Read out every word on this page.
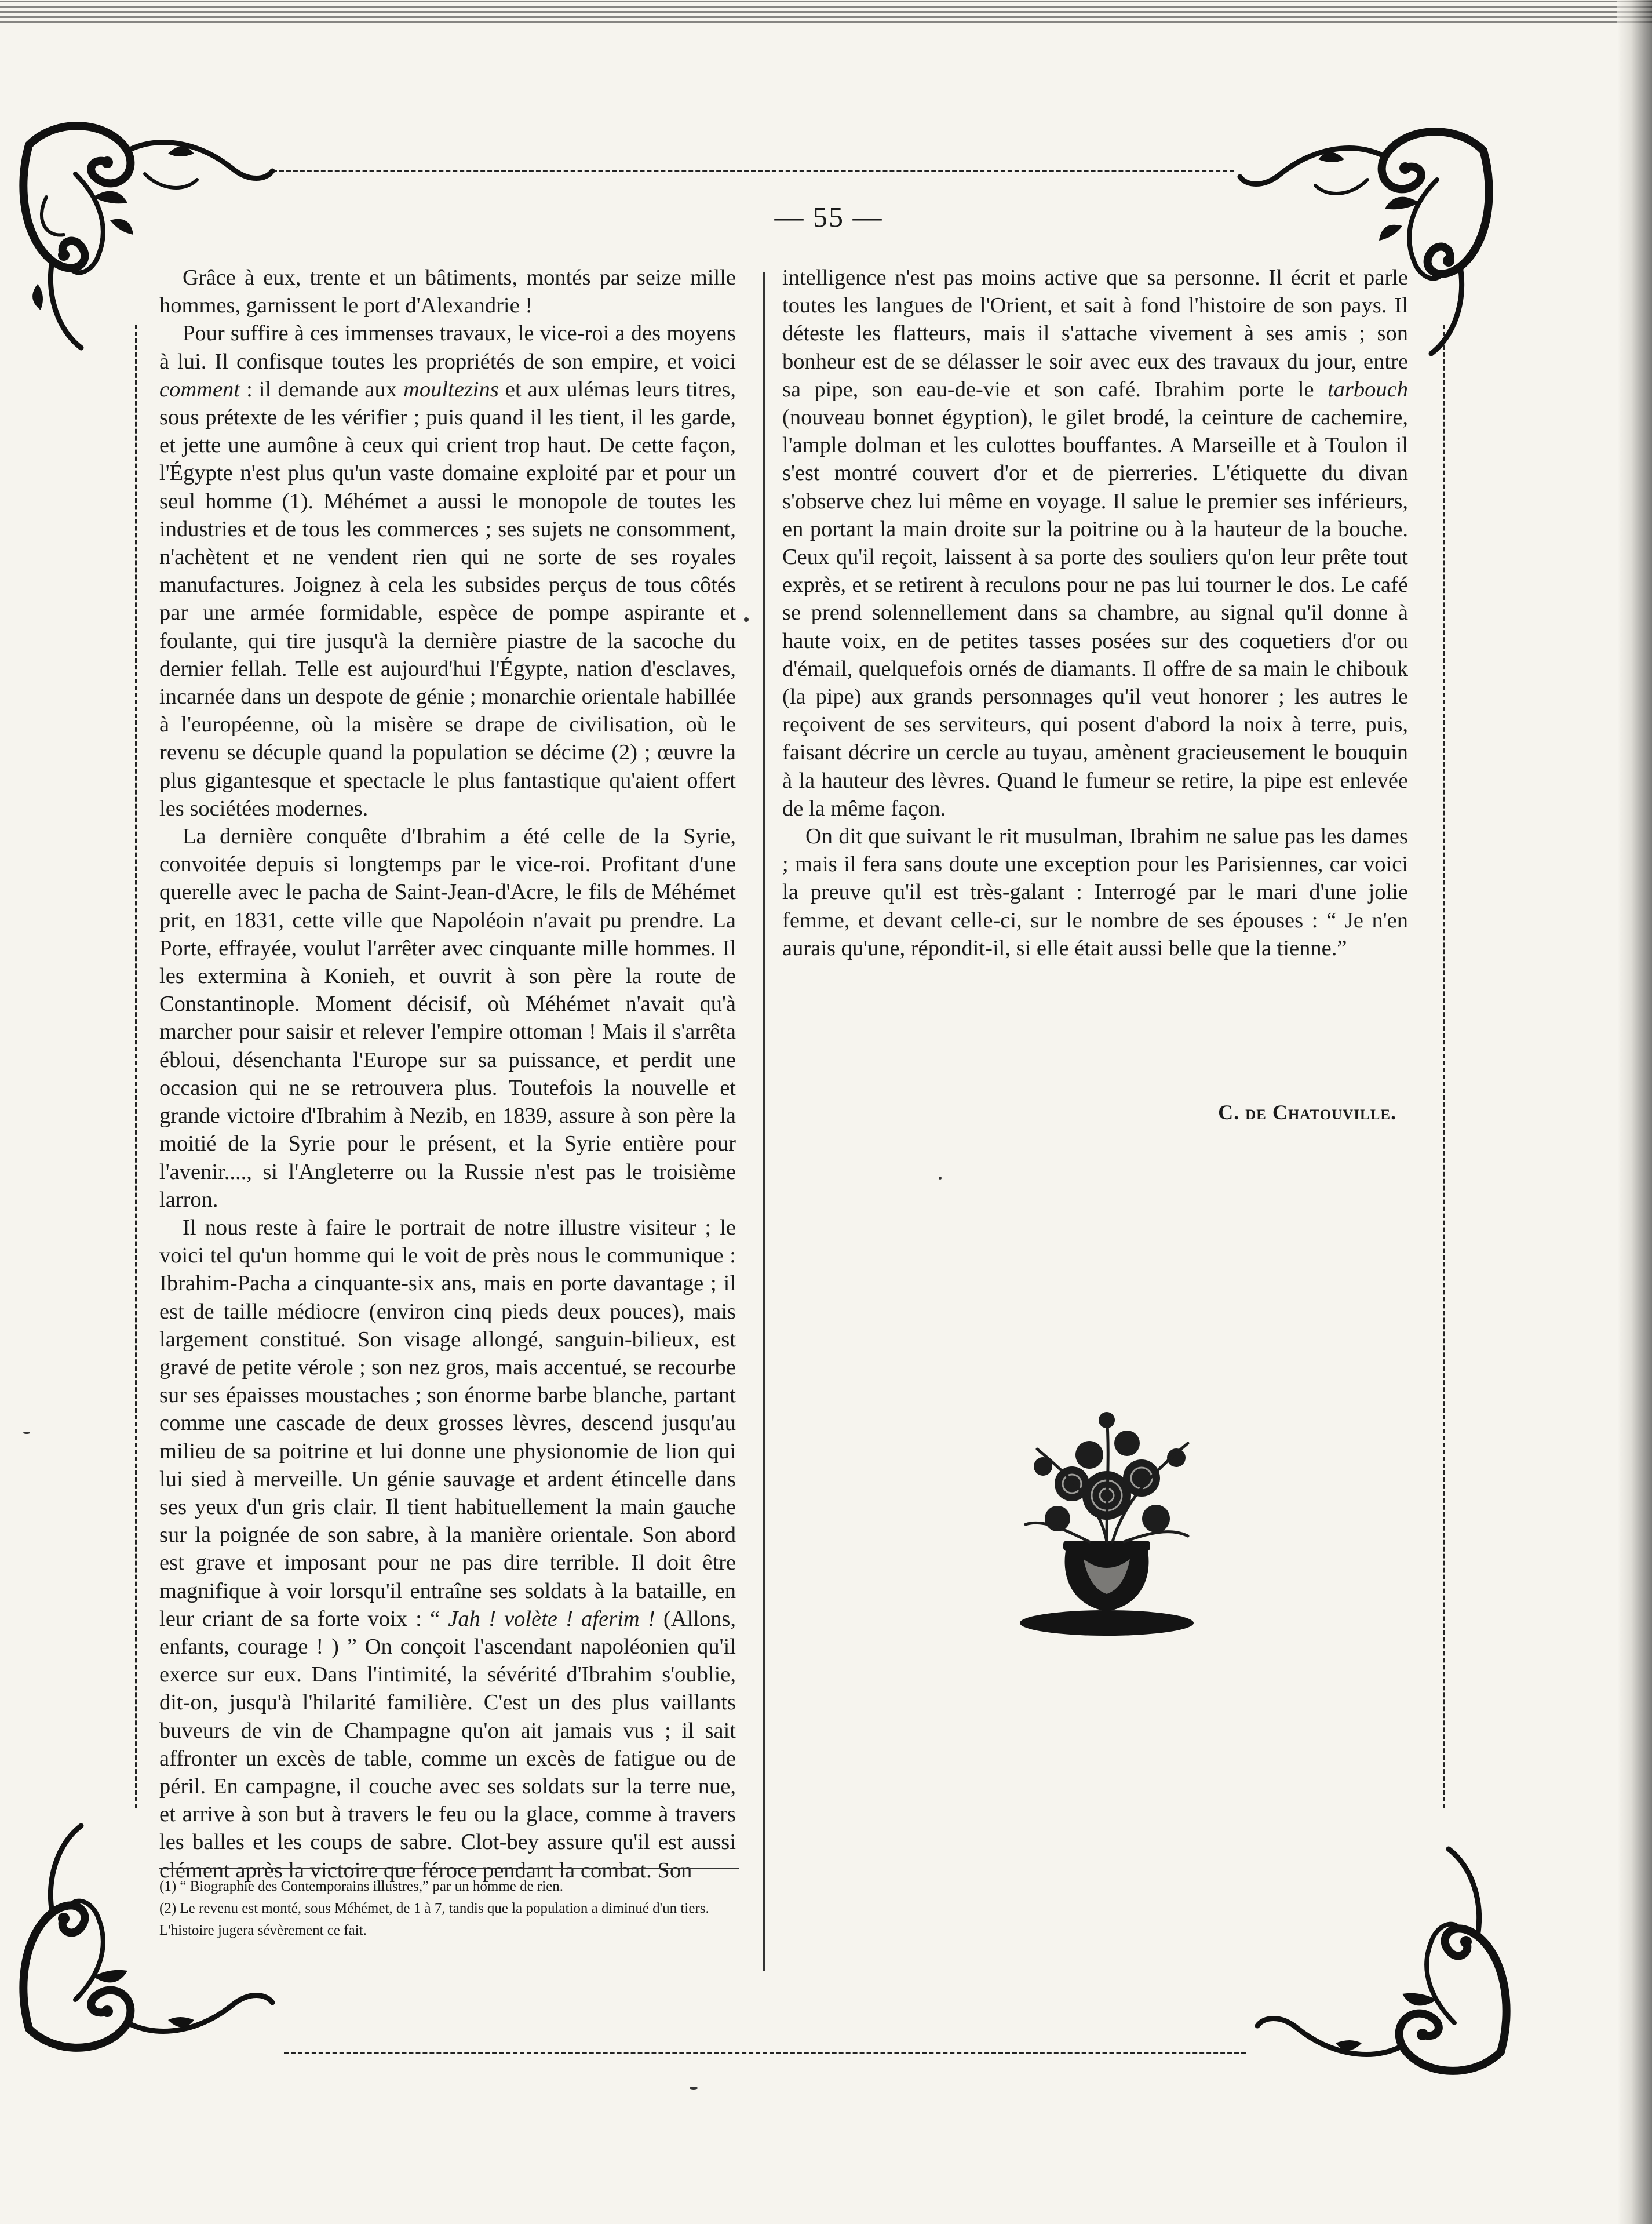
— 55 —

Grâce à eux, trente et un bâtiments, montés par seize mille hommes, garnissent le port d'Alexandrie !

Pour suffire à ces immenses travaux, le vice-roi a des moyens à lui. Il confisque toutes les propriétés de son empire, et voici comment : il demande aux moultezins et aux ulémas leurs titres, sous prétexte de les vérifier ; puis quand il les tient, il les garde, et jette une aumône à ceux qui crient trop haut. De cette façon, l'Égypte n'est plus qu'un vaste domaine exploité par et pour un seul homme (1). Méhémet a aussi le monopole de toutes les industries et de tous les commerces ; ses sujets ne consomment, n'achètent et ne vendent rien qui ne sorte de ses royales manufactures. Joignez à cela les subsides perçus de tous côtés par une armée formidable, espèce de pompe aspirante et foulante, qui tire jusqu'à la dernière piastre de la sacoche du dernier fellah. Telle est aujourd'hui l'Égypte, nation d'esclaves, incarnée dans un despote de génie ; monarchie orientale habillée à l'européenne, où la misère se drape de civilisation, où le revenu se décuple quand la population se décime (2) ; œuvre la plus gigantesque et spectacle le plus fantastique qu'aient offert les sociétées modernes.

La dernière conquête d'Ibrahim a été celle de la Syrie, convoitée depuis si longtemps par le vice-roi. Profitant d'une querelle avec le pacha de Saint-Jean-d'Acre, le fils de Méhémet prit, en 1831, cette ville que Napoléoin n'avait pu prendre. La Porte, effrayée, voulut l'arrêter avec cinquante mille hommes. Il les extermina à Konieh, et ouvrit à son père la route de Constantinople. Moment décisif, où Méhémet n'avait qu'à marcher pour saisir et relever l'empire ottoman ! Mais il s'arrêta ébloui, désenchanta l'Europe sur sa puissance, et perdit une occasion qui ne se retrouvera plus. Toutefois la nouvelle et grande victoire d'Ibrahim à Nezib, en 1839, assure à son père la moitié de la Syrie pour le présent, et la Syrie entière pour l'avenir...., si l'Angleterre ou la Russie n'est pas le troisième larron.

Il nous reste à faire le portrait de notre illustre visiteur ; le voici tel qu'un homme qui le voit de près nous le communique : Ibrahim-Pacha a cinquante-six ans, mais en porte davantage ; il est de taille médiocre (environ cinq pieds deux pouces), mais largement constitué. Son visage allongé, sanguin-bilieux, est gravé de petite vérole ; son nez gros, mais accentué, se recourbe sur ses épaisses moustaches ; son énorme barbe blanche, partant comme une cascade de deux grosses lèvres, descend jusqu'au milieu de sa poitrine et lui donne une physionomie de lion qui lui sied à merveille. Un génie sauvage et ardent étincelle dans ses yeux d'un gris clair. Il tient habituellement la main gauche sur la poignée de son sabre, à la manière orientale. Son abord est grave et imposant pour ne pas dire terrible. Il doit être magnifique à voir lorsqu'il entraîne ses soldats à la bataille, en leur criant de sa forte voix : “ Jah ! volète ! aferim ! (Allons, enfants, courage ! ) ” On conçoit l'ascendant napoléonien qu'il exerce sur eux. Dans l'intimité, la sévérité d'Ibrahim s'oublie, dit-on, jusqu'à l'hilarité familière. C'est un des plus vaillants buveurs de vin de Champagne qu'on ait jamais vus ; il sait affronter un excès de table, comme un excès de fatigue ou de péril. En campagne, il couche avec ses soldats sur la terre nue, et arrive à son but à travers le feu ou la glace, comme à travers les balles et les coups de sabre. Clot-bey assure qu'il est aussi clément après la victoire que féroce pendant la combat. Son

intelligence n'est pas moins active que sa personne. Il écrit et parle toutes les langues de l'Orient, et sait à fond l'histoire de son pays. Il déteste les flatteurs, mais il s'attache vivement à ses amis ; son bonheur est de se délasser le soir avec eux des travaux du jour, entre sa pipe, son eau-de-vie et son café. Ibrahim porte le tarbouch (nouveau bonnet égyption), le gilet brodé, la ceinture de cachemire, l'ample dolman et les culottes bouffantes. A Marseille et à Toulon il s'est montré couvert d'or et de pierreries. L'étiquette du divan s'observe chez lui même en voyage. Il salue le premier ses inférieurs, en portant la main droite sur la poitrine ou à la hauteur de la bouche. Ceux qu'il reçoit, laissent à sa porte des souliers qu'on leur prête tout exprès, et se retirent à reculons pour ne pas lui tourner le dos. Le café se prend solennellement dans sa chambre, au signal qu'il donne à haute voix, en de petites tasses posées sur des coquetiers d'or ou d'émail, quelquefois ornés de diamants. Il offre de sa main le chibouk (la pipe) aux grands personnages qu'il veut honorer ; les autres le reçoivent de ses serviteurs, qui posent d'abord la noix à terre, puis, faisant décrire un cercle au tuyau, amènent gracieusement le bouquin à la hauteur des lèvres. Quand le fumeur se retire, la pipe est enlevée de la même façon.

On dit que suivant le rit musulman, Ibrahim ne salue pas les dames ; mais il fera sans doute une exception pour les Parisiennes, car voici la preuve qu'il est très-galant : Interrogé par le mari d'une jolie femme, et devant celle-ci, sur le nombre de ses épouses : “ Je n'en aurais qu'une, répondit-il, si elle était aussi belle que la tienne.”

C. de Chatouville.

(1) “ Biographie des Contemporains illustres,” par un homme de rien.

(2) Le revenu est monté, sous Méhémet, de 1 à 7, tandis que la population a diminué d'un tiers. L'histoire jugera sévèrement ce fait.
